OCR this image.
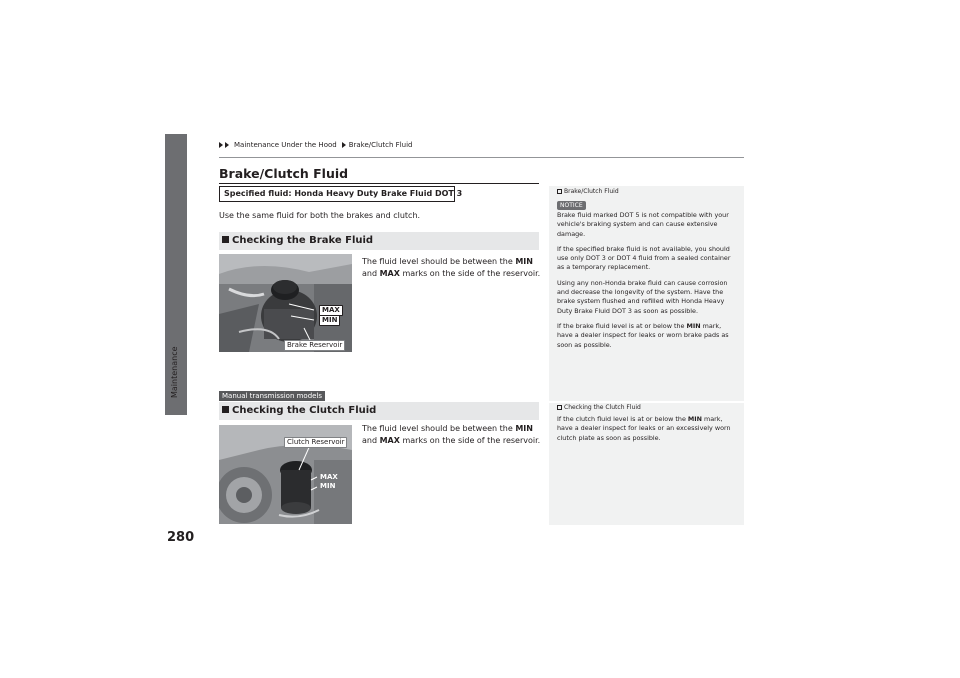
Maintenance
280
Maintenance Under the Hood Brake/Clutch Fluid
Brake/Clutch Fluid
Specified fluid: Honda Heavy Duty Brake Fluid DOT 3
Use the same fluid for both the brakes and clutch.
Checking the Brake Fluid
MAX
MIN
Brake Reservoir
The fluid level should be between the MIN
and MAX marks on the side of the reservoir.
Manual transmission models
Checking the Clutch Fluid
Clutch Reservoir
MAX
MIN
The fluid level should be between the MIN
and MAX marks on the side of the reservoir.
Brake/Clutch Fluid
NOTICE

Brake fluid marked DOT 5 is not compatible with your vehicle's braking system and can cause extensive damage.

If the specified brake fluid is not available, you should use only DOT 3 or DOT 4 fluid from a sealed container as a temporary replacement.

Using any non-Honda brake fluid can cause corrosion and decrease the longevity of the system. Have the brake system flushed and refilled with Honda Heavy Duty Brake Fluid DOT 3 as soon as possible.

If the brake fluid level is at or below the MIN mark, have a dealer inspect for leaks or worn brake pads as soon as possible.

Checking the Clutch Fluid

If the clutch fluid level is at or below the MIN mark, have a dealer inspect for leaks or an excessively worn clutch plate as soon as possible.
